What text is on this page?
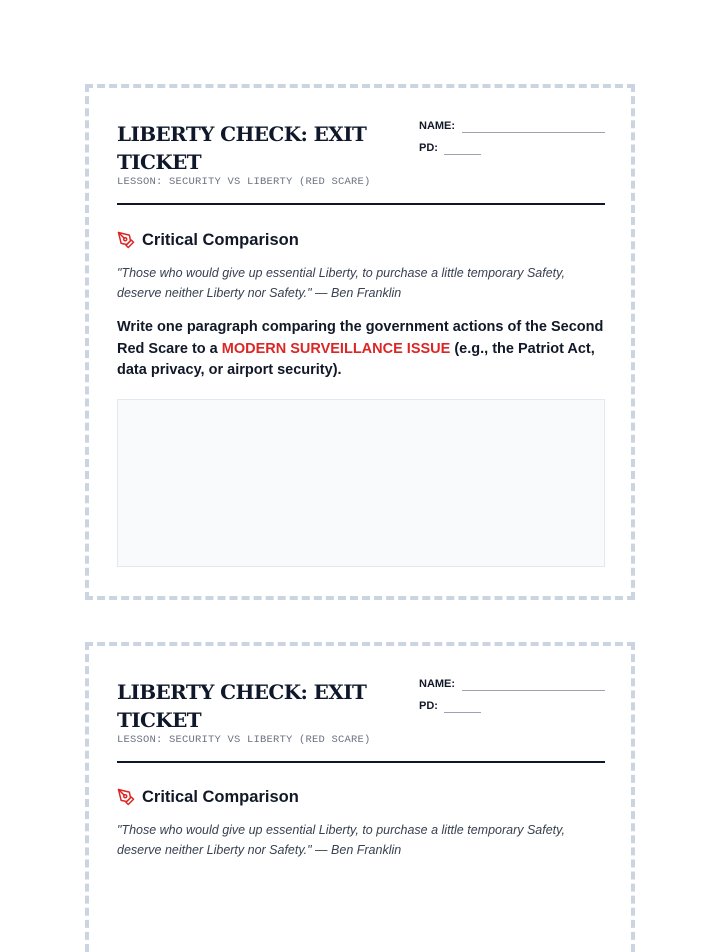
LIBERTY CHECK: EXIT TICKET
LESSON: SECURITY VS LIBERTY (RED SCARE)
NAME:
PD:
Critical Comparison

"Those who would give up essential Liberty, to purchase a little temporary Safety, deserve neither Liberty nor Safety." — Ben Franklin

Write one paragraph comparing the government actions of the Second Red Scare to a MODERN SURVEILLANCE ISSUE (e.g., the Patriot Act, data privacy, or airport security).

LIBERTY CHECK: EXIT TICKET
LESSON: SECURITY VS LIBERTY (RED SCARE)
NAME:
PD:
Critical Comparison

"Those who would give up essential Liberty, to purchase a little temporary Safety, deserve neither Liberty nor Safety." — Ben Franklin
